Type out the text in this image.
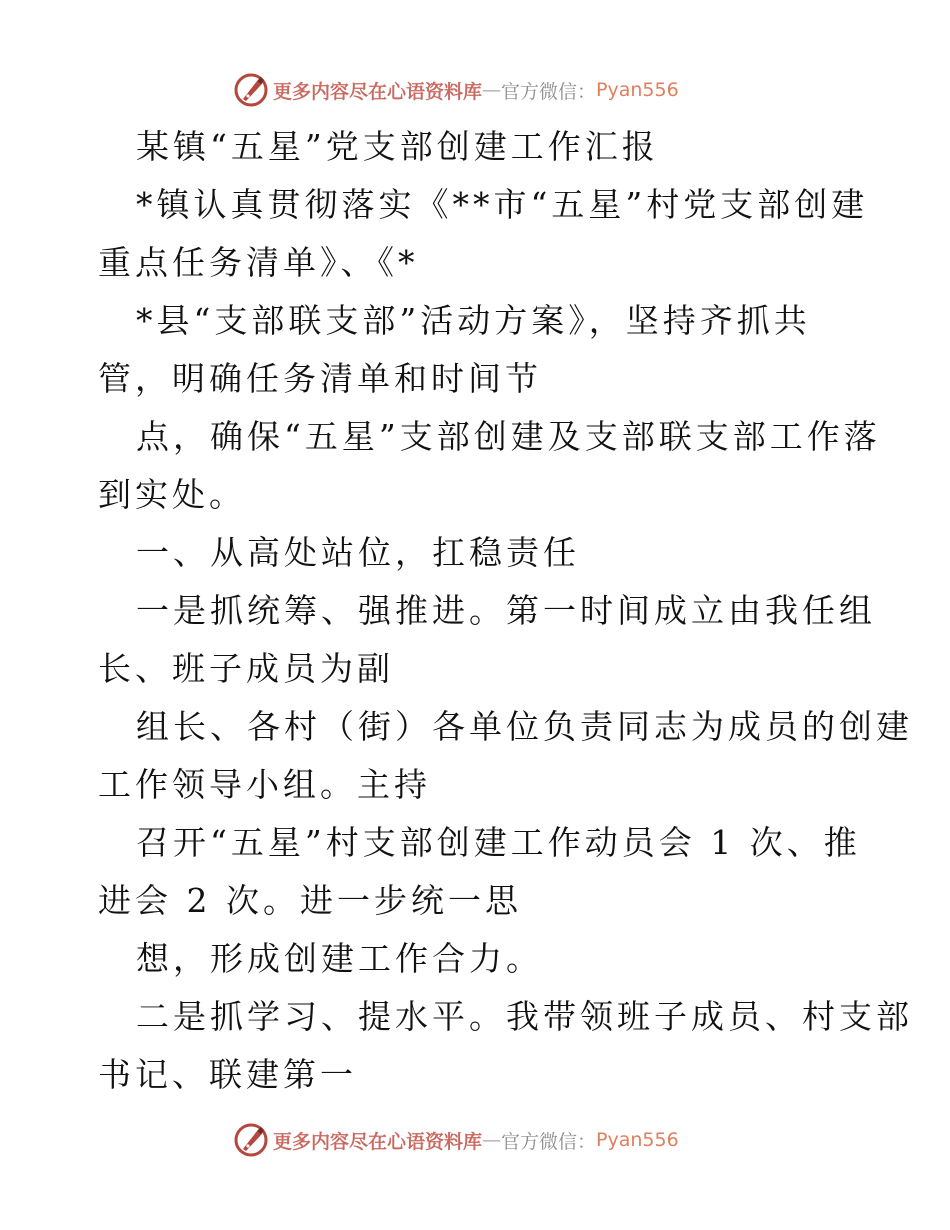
更多内容尽在心语资料库 — 官方微信： Pyan556
某镇“五星”党支部创建工作汇报
*镇认真贯彻落实《**市“五星”村党支部创建
重点任务清单》、《*
*县“支部联支部”活动方案》，坚持齐抓共
管，明确任务清单和时间节
点，确保“五星”支部创建及支部联支部工作落
到实处。
一、从高处站位，扛稳责任
一是抓统筹、强推进。第一时间成立由我任组
长、班子成员为副
组长、各村（街）各单位负责同志为成员的创建
工作领导小组。主持
召开“五星”村支部创建工作动员会 1 次、推
进会 2 次。进一步统一思
想，形成创建工作合力。
二是抓学习、提水平。我带领班子成员、村支部
书记、联建第一
更多内容尽在心语资料库 — 官方微信： Pyan556
